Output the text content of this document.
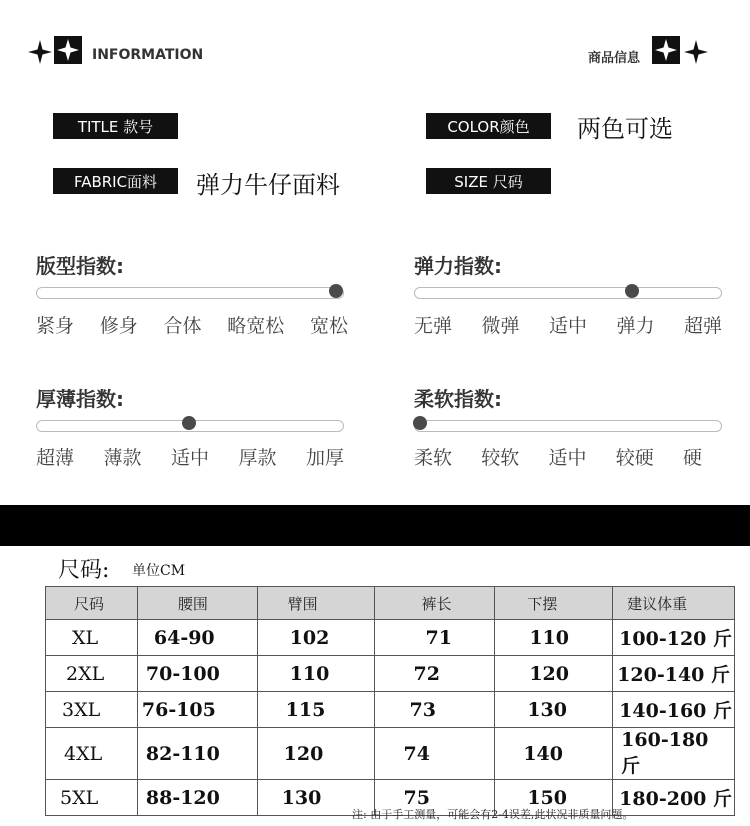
INFORMATION	商品信息
TITLE 款号	COLOR颜色	两色可选
FABRIC面料	弹力牛仔面料	SIZE 尺码
版型指数:
紧身 修身 合体 略宽松 宽松
弹力指数:
无弹 微弹 适中 弹力 超弹
厚薄指数:
超薄 薄款 适中 厚款 加厚
柔软指数:
柔软 较软 适中 较硬 硬
尺码: 单位CM
尺码	腰围	臂围	裤长	下摆	建议体重
XL	64-90	102	71	110	100-120 斤
2XL	70-100	110	72	120	120-140 斤
3XL	76-105	115	73	130	140-160 斤
4XL	82-110	120	74	140	160-180 斤
5XL	88-120	130	75	150	180-200 斤
注: 由于手工测量，可能会有2-4误差,此状况非质量问题。
